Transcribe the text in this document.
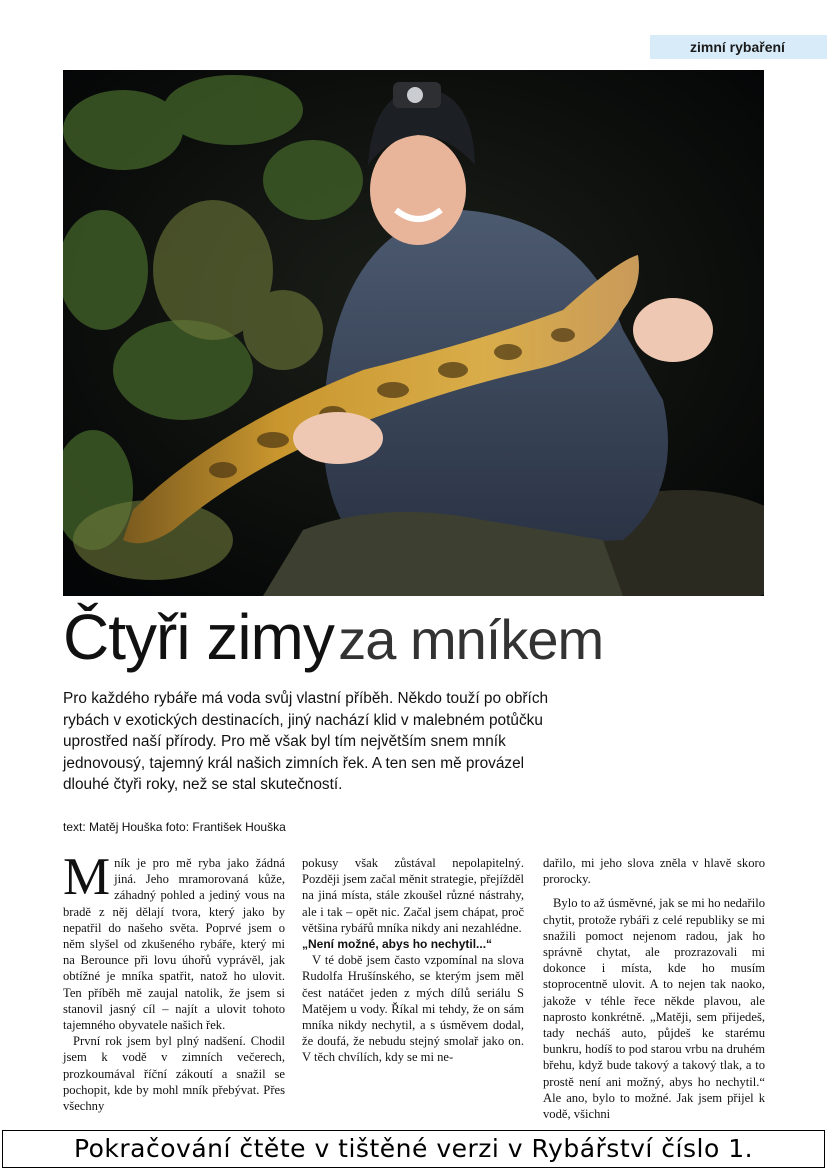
zimní rybaření
Čtyři zimy za mníkem

Pro každého rybáře má voda svůj vlastní příběh. Někdo touží po obřích rybách v exotických destinacích, jiný nachází klid v malebném potůčku uprostřed naší přírody. Pro mě však byl tím největším snem mník jednovousý, tajemný král našich zimních řek. A ten sen mě provázel dlouhé čtyři roky, než se stal skutečností.

text: Matěj Houška foto: František Houška

Mník je pro mě ryba jako žádná jiná. Jeho mramorovaná kůže, záhadný pohled a jediný vous na bradě z něj dělají tvora, který jako by nepatřil do našeho světa. Poprvé jsem o něm slyšel od zkušeného rybáře, který mi na Berounce při lovu úhořů vyprávěl, jak obtížné je mníka spatřit, natož ho ulovit. Ten příběh mě zaujal natolik, že jsem si stanovil jasný cíl – najít a ulovit tohoto tajemného obyvatele našich řek.

První rok jsem byl plný nadšení. Chodil jsem k vodě v zimních večerech, prozkoumával říční zákoutí a snažil se pochopit, kde by mohl mník přebývat. Přes všechny

pokusy však zůstával nepolapitelný. Později jsem začal měnit strategie, přejížděl na jiná místa, stále zkoušel různé nástrahy, ale i tak – opět nic. Začal jsem chápat, proč většina rybářů mníka nikdy ani nezahlédne.

„Není možné, abys ho nechytil...“

V té době jsem často vzpomínal na slova Rudolfa Hrušínského, se kterým jsem měl čest natáčet jeden z mých dílů seriálu S Matějem u vody. Říkal mi tehdy, že on sám mníka nikdy nechytil, a s úsměvem dodal, že doufá, že nebudu stejný smolař jako on. V těch chvílích, kdy se mi ne-

dařilo, mi jeho slova zněla v hlavě skoro prorocky.

Bylo to až úsměvné, jak se mi ho nedařilo chytit, protože rybáři z celé republiky se mi snažili pomoct nejenom radou, jak ho správně chytat, ale prozrazovali mi dokonce i místa, kde ho musím stoprocentně ulovit. A to nejen tak naoko, jakože v téhle řece někde plavou, ale naprosto konkrétně. „Matěji, sem přijedeš, tady necháš auto, půjdeš ke starému bunkru, hodíš to pod starou vrbu na druhém břehu, když bude takový a takový tlak, a to prostě není ani možný, abys ho nechytil.“ Ale ano, bylo to možné. Jak jsem přijel k vodě, všichni

Pokračování čtěte v tištěné verzi v Rybářství číslo 1.
